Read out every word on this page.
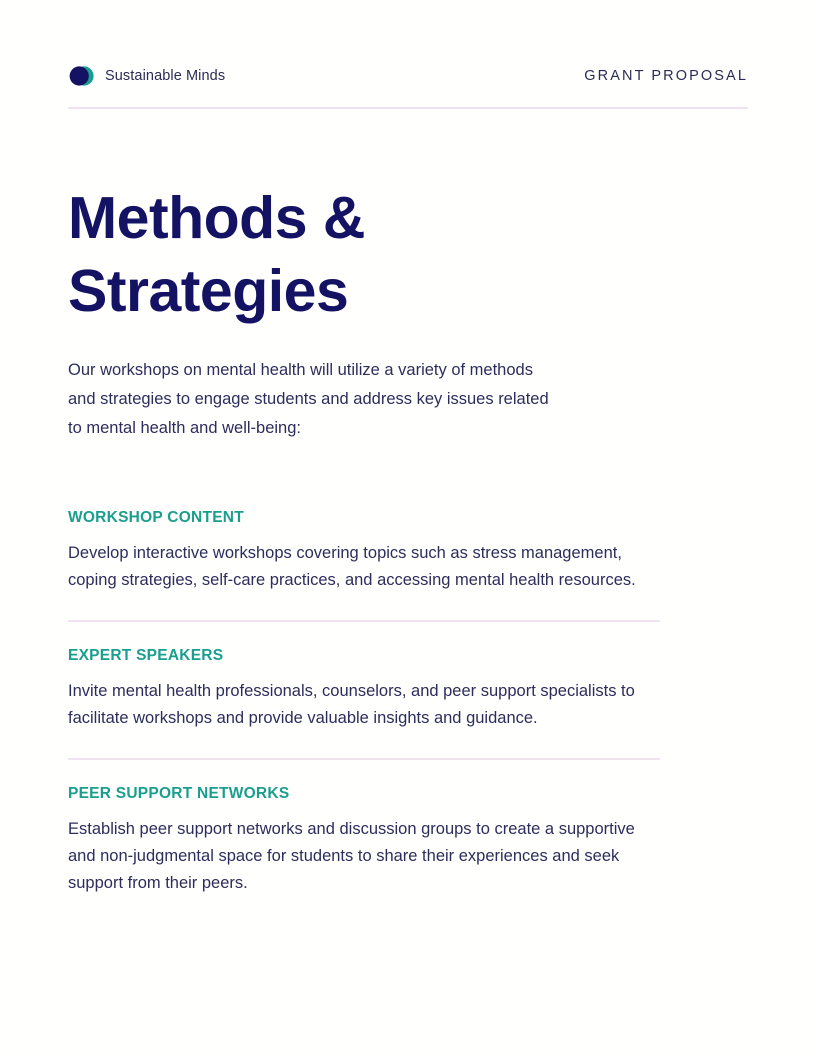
Sustainable Minds	GRANT PROPOSAL
Methods & Strategies

Our workshops on mental health will utilize a variety of methods and strategies to engage students and address key issues related to mental health and well-being:

WORKSHOP CONTENT

Develop interactive workshops covering topics such as stress management, coping strategies, self-care practices, and accessing mental health resources.

EXPERT SPEAKERS

Invite mental health professionals, counselors, and peer support specialists to facilitate workshops and provide valuable insights and guidance.

PEER SUPPORT NETWORKS

Establish peer support networks and discussion groups to create a supportive and non-judgmental space for students to share their experiences and seek support from their peers.
